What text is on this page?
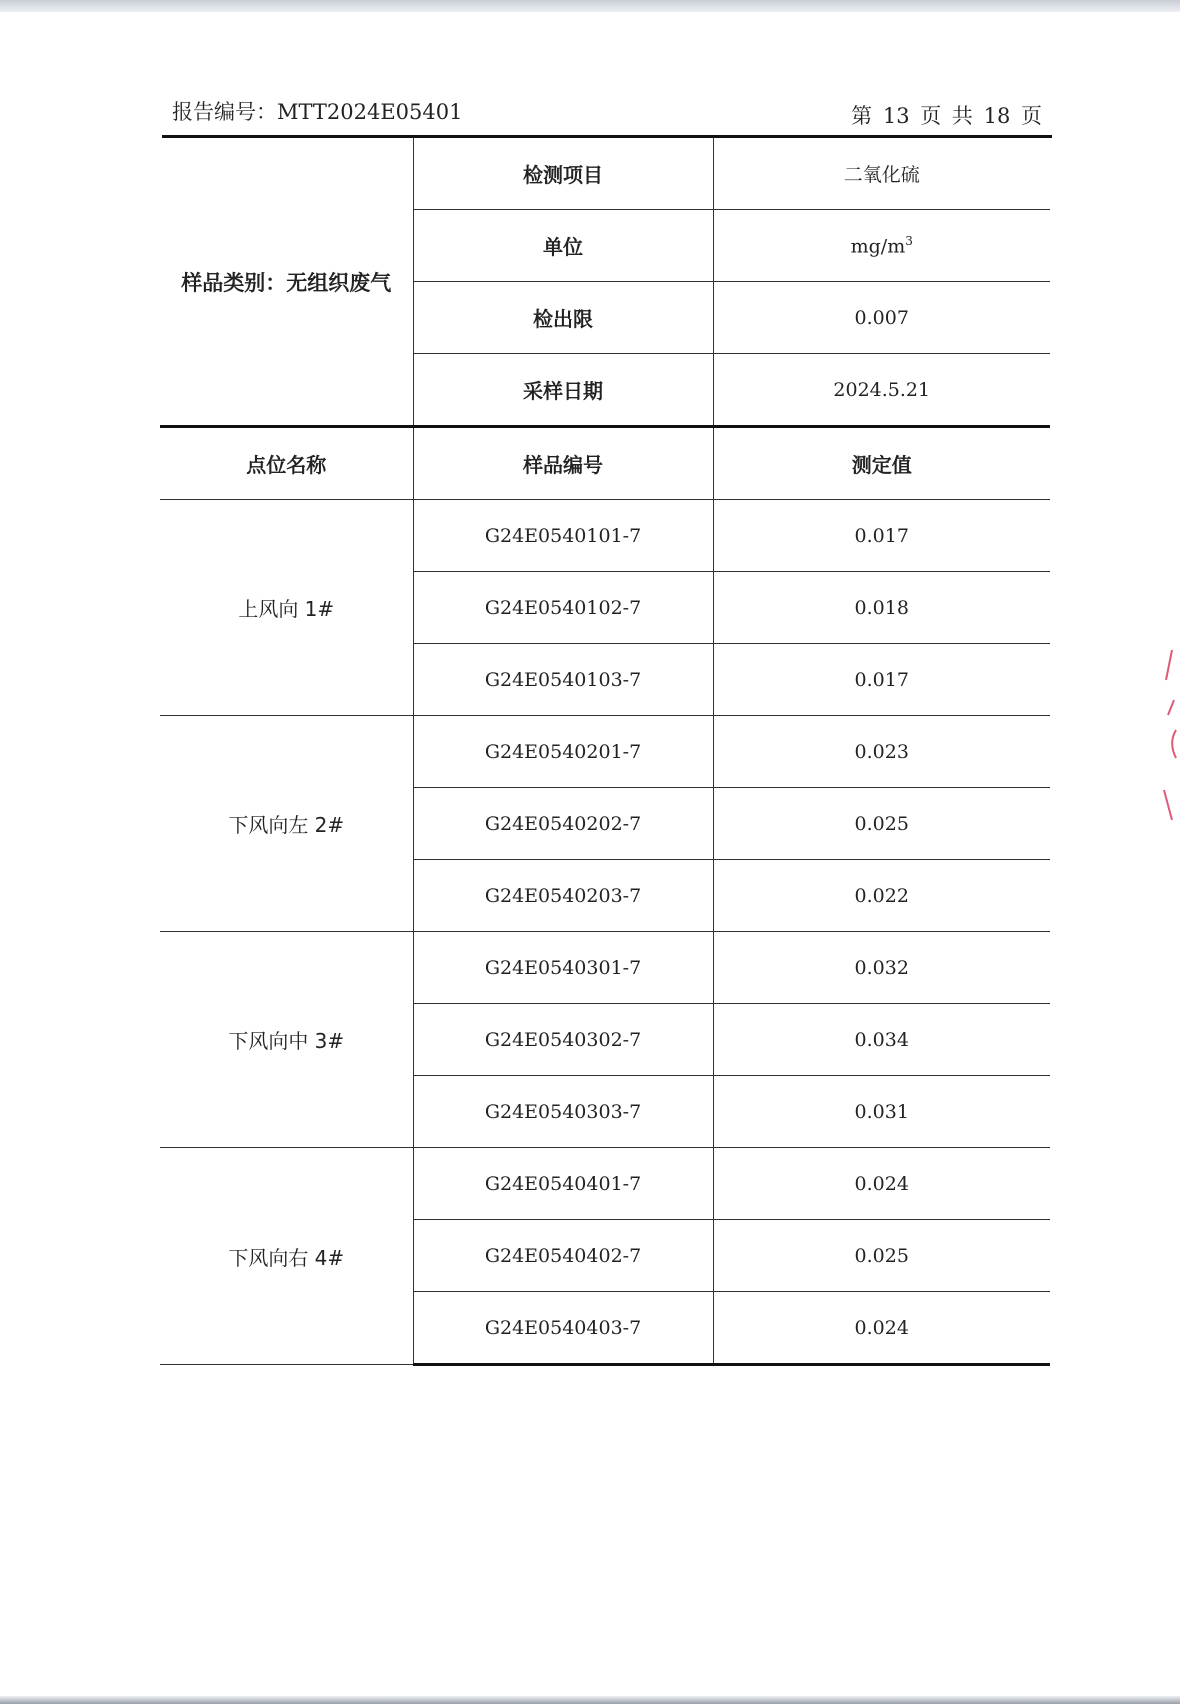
报告编号：MTT2024E05401	第 13 页 共 18 页
样品类别：无组织废气	检测项目	二氧化硫
	单位	$mg/m^3$
	检出限	0.007
	采样日期	2024.5.21
点位名称	样品编号	测定值
上风向 1#	G24E0540101-7	0.017
	G24E0540102-7	0.018
	G24E0540103-7	0.017
下风向左 2#	G24E0540201-7	0.023
	G24E0540202-7	0.025
	G24E0540203-7	0.022
下风向中 3#	G24E0540301-7	0.032
	G24E0540302-7	0.034
	G24E0540303-7	0.031
下风向右 4#	G24E0540401-7	0.024
	G24E0540402-7	0.025
	G24E0540403-7	0.024
